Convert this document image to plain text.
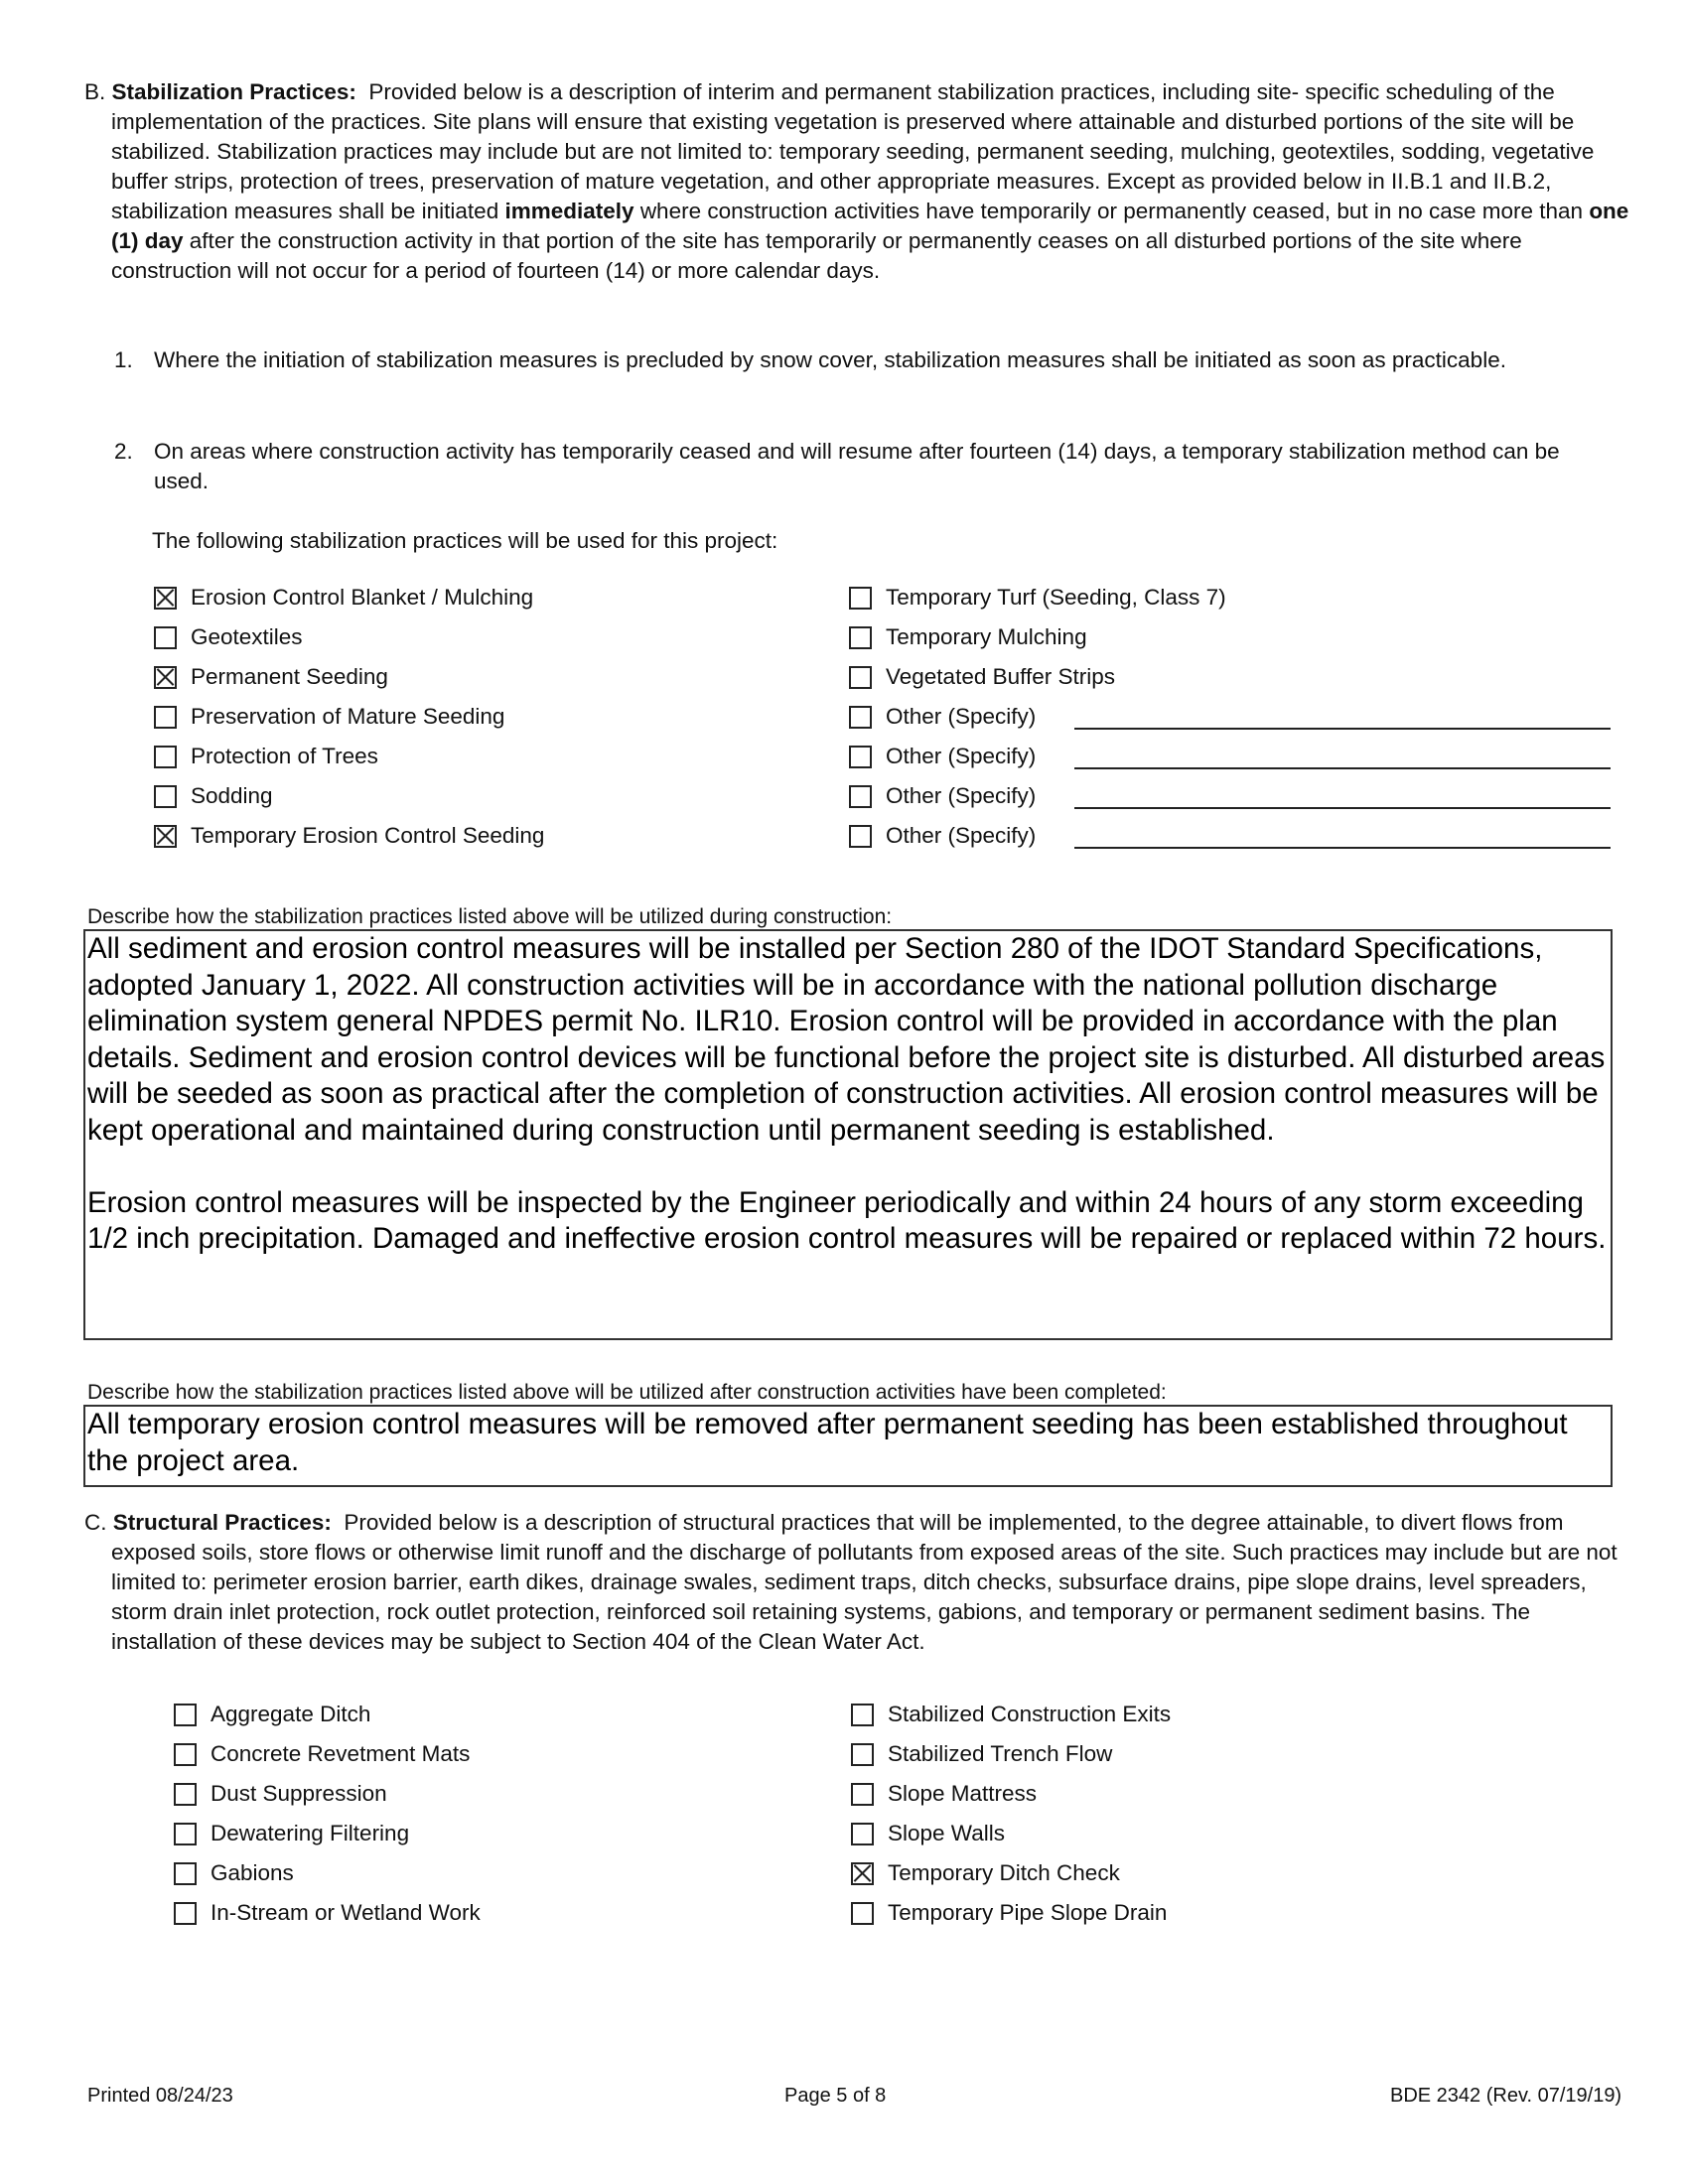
B. Stabilization Practices: Provided below is a description of interim and permanent stabilization practices, including site- specific scheduling of the implementation of the practices. Site plans will ensure that existing vegetation is preserved where attainable and disturbed portions of the site will be stabilized. Stabilization practices may include but are not limited to: temporary seeding, permanent seeding, mulching, geotextiles, sodding, vegetative buffer strips, protection of trees, preservation of mature vegetation, and other appropriate measures. Except as provided below in II.B.1 and II.B.2, stabilization measures shall be initiated immediately where construction activities have temporarily or permanently ceased, but in no case more than one (1) day after the construction activity in that portion of the site has temporarily or permanently ceases on all disturbed portions of the site where construction will not occur for a period of fourteen (14) or more calendar days.
1. Where the initiation of stabilization measures is precluded by snow cover, stabilization measures shall be initiated as soon as practicable.
2. On areas where construction activity has temporarily ceased and will resume after fourteen (14) days, a temporary stabilization method can be used.
The following stabilization practices will be used for this project:
Erosion Control Blanket / Mulching
Geotextiles
Permanent Seeding
Preservation of Mature Seeding
Protection of Trees
Sodding
Temporary Erosion Control Seeding
Temporary Turf (Seeding, Class 7)
Temporary Mulching
Vegetated Buffer Strips
Other (Specify)
Other (Specify)
Other (Specify)
Other (Specify)
Describe how the stabilization practices listed above will be utilized during construction:

All sediment and erosion control measures will be installed per Section 280 of the IDOT Standard Specifications, adopted January 1, 2022. All construction activities will be in accordance with the national pollution discharge elimination system general NPDES permit No. ILR10. Erosion control will be provided in accordance with the plan details. Sediment and erosion control devices will be functional before the project site is disturbed. All disturbed areas will be seeded as soon as practical after the completion of construction activities. All erosion control measures will be kept operational and maintained during construction until permanent seeding is established.

Erosion control measures will be inspected by the Engineer periodically and within 24 hours of any storm exceeding 1/2 inch precipitation. Damaged and ineffective erosion control measures will be repaired or replaced within 72 hours.

Describe how the stabilization practices listed above will be utilized after construction activities have been completed:

All temporary erosion control measures will be removed after permanent seeding has been established throughout the project area.

C. Structural Practices: Provided below is a description of structural practices that will be implemented, to the degree attainable, to divert flows from exposed soils, store flows or otherwise limit runoff and the discharge of pollutants from exposed areas of the site. Such practices may include but are not limited to: perimeter erosion barrier, earth dikes, drainage swales, sediment traps, ditch checks, subsurface drains, pipe slope drains, level spreaders, storm drain inlet protection, rock outlet protection, reinforced soil retaining systems, gabions, and temporary or permanent sediment basins. The installation of these devices may be subject to Section 404 of the Clean Water Act.
Aggregate Ditch
Concrete Revetment Mats
Dust Suppression
Dewatering Filtering
Gabions
In-Stream or Wetland Work
Stabilized Construction Exits
Stabilized Trench Flow
Slope Mattress
Slope Walls
Temporary Ditch Check
Temporary Pipe Slope Drain
Printed 08/24/23	Page 5 of 8	BDE 2342 (Rev. 07/19/19)
